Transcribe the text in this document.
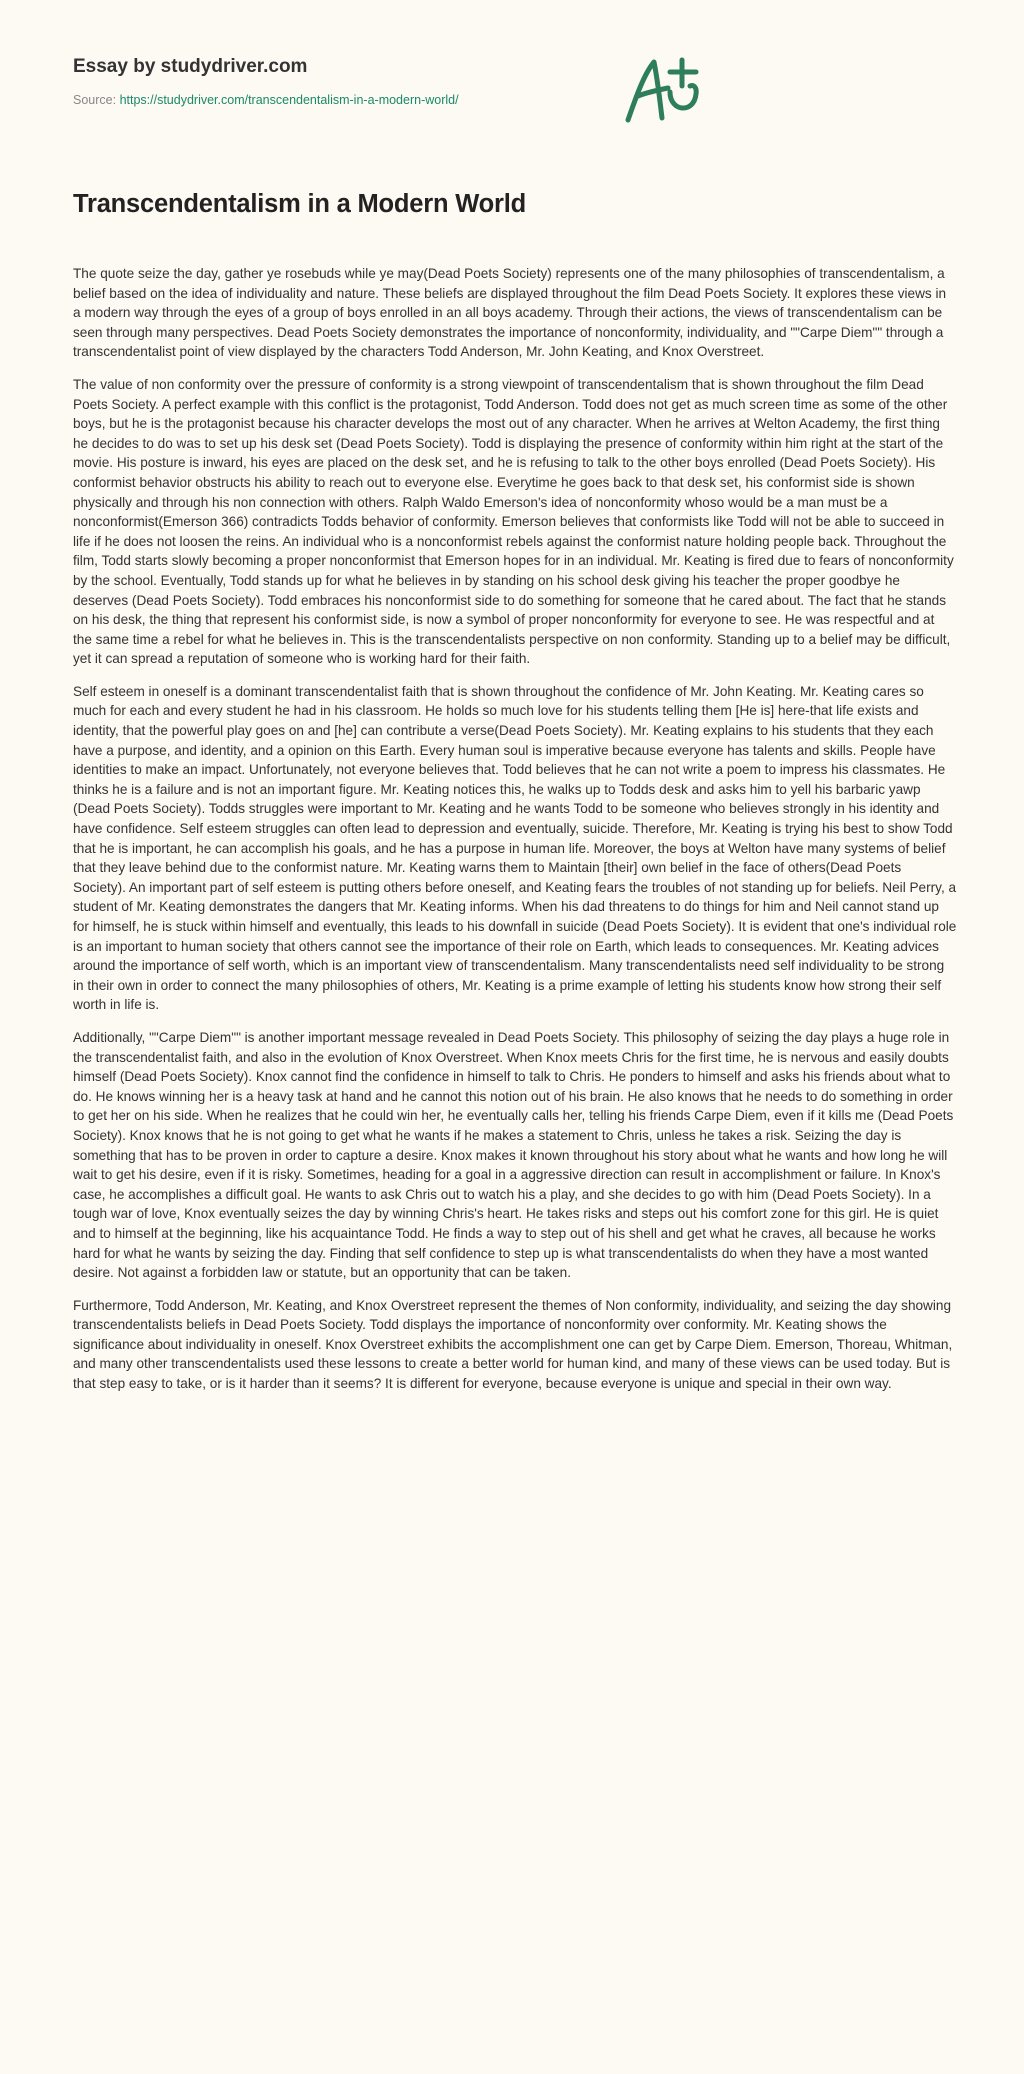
Essay by studydriver.com

Source: https://studydriver.com/transcendentalism-in-a-modern-world/
Transcendentalism in a Modern World

The quote seize the day, gather ye rosebuds while ye may(Dead Poets Society) represents one of the many philosophies of transcendentalism, a belief based on the idea of individuality and nature. These beliefs are displayed throughout the film Dead Poets Society. It explores these views in a modern way through the eyes of a group of boys enrolled in an all boys academy. Through their actions, the views of transcendentalism can be seen through many perspectives. Dead Poets Society demonstrates the importance of nonconformity, individuality, and ""Carpe Diem"" through a transcendentalist point of view displayed by the characters Todd Anderson, Mr. John Keating, and Knox Overstreet.

The value of non conformity over the pressure of conformity is a strong viewpoint of transcendentalism that is shown throughout the film Dead Poets Society. A perfect example with this conflict is the protagonist, Todd Anderson. Todd does not get as much screen time as some of the other boys, but he is the protagonist because his character develops the most out of any character. When he arrives at Welton Academy, the first thing he decides to do was to set up his desk set (Dead Poets Society). Todd is displaying the presence of conformity within him right at the start of the movie. His posture is inward, his eyes are placed on the desk set, and he is refusing to talk to the other boys enrolled (Dead Poets Society). His conformist behavior obstructs his ability to reach out to everyone else. Everytime he goes back to that desk set, his conformist side is shown physically and through his non connection with others. Ralph Waldo Emerson's idea of nonconformity whoso would be a man must be a nonconformist(Emerson 366) contradicts Todds behavior of conformity. Emerson believes that conformists like Todd will not be able to succeed in life if he does not loosen the reins. An individual who is a nonconformist rebels against the conformist nature holding people back. Throughout the film, Todd starts slowly becoming a proper nonconformist that Emerson hopes for in an individual. Mr. Keating is fired due to fears of nonconformity by the school. Eventually, Todd stands up for what he believes in by standing on his school desk giving his teacher the proper goodbye he deserves (Dead Poets Society). Todd embraces his nonconformist side to do something for someone that he cared about. The fact that he stands on his desk, the thing that represent his conformist side, is now a symbol of proper nonconformity for everyone to see. He was respectful and at the same time a rebel for what he believes in. This is the transcendentalists perspective on non conformity. Standing up to a belief may be difficult, yet it can spread a reputation of someone who is working hard for their faith.

Self esteem in oneself is a dominant transcendentalist faith that is shown throughout the confidence of Mr. John Keating. Mr. Keating cares so much for each and every student he had in his classroom. He holds so much love for his students telling them [He is] here-that life exists and identity, that the powerful play goes on and [he] can contribute a verse(Dead Poets Society). Mr. Keating explains to his students that they each have a purpose, and identity, and a opinion on this Earth. Every human soul is imperative because everyone has talents and skills. People have identities to make an impact. Unfortunately, not everyone believes that. Todd believes that he can not write a poem to impress his classmates. He thinks he is a failure and is not an important figure. Mr. Keating notices this, he walks up to Todds desk and asks him to yell his barbaric yawp (Dead Poets Society). Todds struggles were important to Mr. Keating and he wants Todd to be someone who believes strongly in his identity and have confidence. Self esteem struggles can often lead to depression and eventually, suicide. Therefore, Mr. Keating is trying his best to show Todd that he is important, he can accomplish his goals, and he has a purpose in human life. Moreover, the boys at Welton have many systems of belief that they leave behind due to the conformist nature. Mr. Keating warns them to Maintain [their] own belief in the face of others(Dead Poets Society). An important part of self esteem is putting others before oneself, and Keating fears the troubles of not standing up for beliefs. Neil Perry, a student of Mr. Keating demonstrates the dangers that Mr. Keating informs. When his dad threatens to do things for him and Neil cannot stand up for himself, he is stuck within himself and eventually, this leads to his downfall in suicide (Dead Poets Society). It is evident that one's individual role is an important to human society that others cannot see the importance of their role on Earth, which leads to consequences. Mr. Keating advices around the importance of self worth, which is an important view of transcendentalism. Many transcendentalists need self individuality to be strong in their own in order to connect the many philosophies of others, Mr. Keating is a prime example of letting his students know how strong their self worth in life is.

Additionally, ""Carpe Diem"" is another important message revealed in Dead Poets Society. This philosophy of seizing the day plays a huge role in the transcendentalist faith, and also in the evolution of Knox Overstreet. When Knox meets Chris for the first time, he is nervous and easily doubts himself (Dead Poets Society). Knox cannot find the confidence in himself to talk to Chris. He ponders to himself and asks his friends about what to do. He knows winning her is a heavy task at hand and he cannot this notion out of his brain. He also knows that he needs to do something in order to get her on his side. When he realizes that he could win her, he eventually calls her, telling his friends Carpe Diem, even if it kills me (Dead Poets Society). Knox knows that he is not going to get what he wants if he makes a statement to Chris, unless he takes a risk. Seizing the day is something that has to be proven in order to capture a desire. Knox makes it known throughout his story about what he wants and how long he will wait to get his desire, even if it is risky. Sometimes, heading for a goal in a aggressive direction can result in accomplishment or failure. In Knox's case, he accomplishes a difficult goal. He wants to ask Chris out to watch his a play, and she decides to go with him (Dead Poets Society). In a tough war of love, Knox eventually seizes the day by winning Chris's heart. He takes risks and steps out his comfort zone for this girl. He is quiet and to himself at the beginning, like his acquaintance Todd. He finds a way to step out of his shell and get what he craves, all because he works hard for what he wants by seizing the day. Finding that self confidence to step up is what transcendentalists do when they have a most wanted desire. Not against a forbidden law or statute, but an opportunity that can be taken.

Furthermore, Todd Anderson, Mr. Keating, and Knox Overstreet represent the themes of Non conformity, individuality, and seizing the day showing transcendentalists beliefs in Dead Poets Society. Todd displays the importance of nonconformity over conformity. Mr. Keating shows the significance about individuality in oneself. Knox Overstreet exhibits the accomplishment one can get by Carpe Diem. Emerson, Thoreau, Whitman, and many other transcendentalists used these lessons to create a better world for human kind, and many of these views can be used today. But is that step easy to take, or is it harder than it seems? It is different for everyone, because everyone is unique and special in their own way.
